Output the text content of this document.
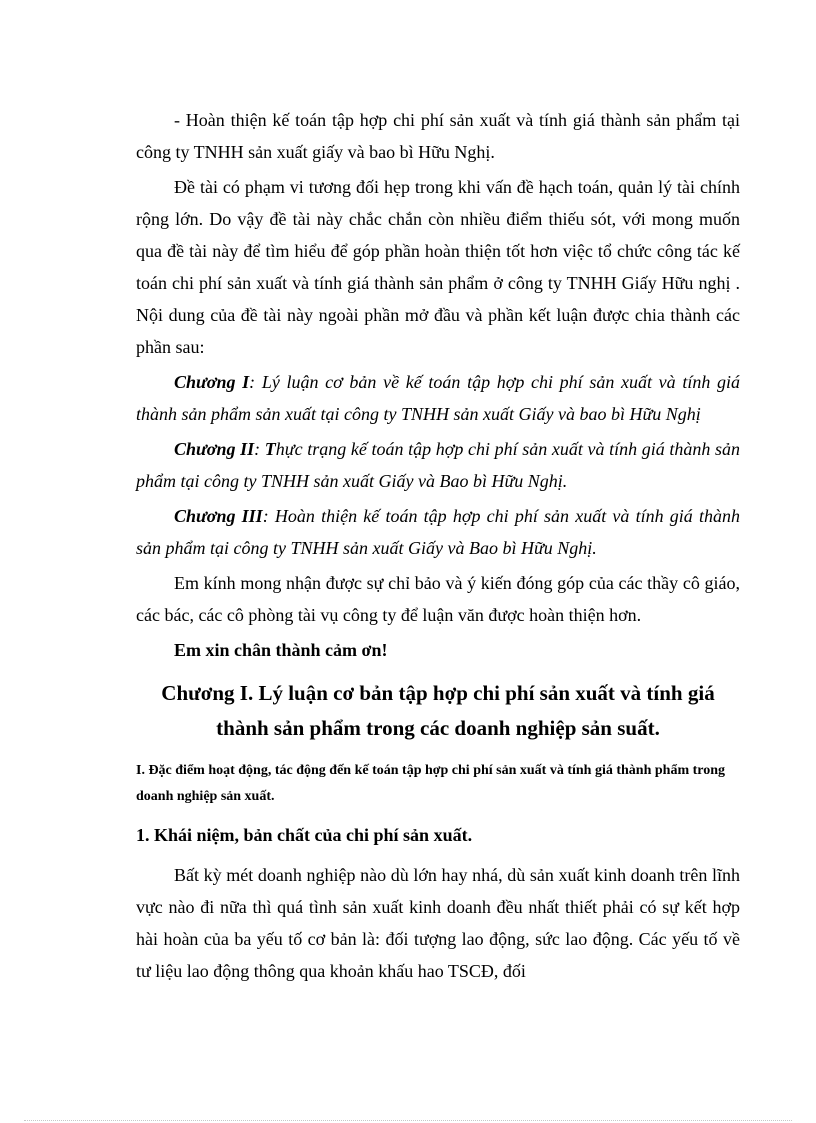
- Hoàn thiện kế toán tập hợp chi phí sản xuất và tính giá thành sản phẩm tại công ty TNHH sản xuất giấy và bao bì Hữu Nghị.

Đề tài có phạm vi tương đối hẹp trong khi vấn đề hạch toán, quản lý tài chính rộng lớn. Do vậy đề tài này chắc chắn còn nhiều điểm thiếu sót, với mong muốn qua đề tài này để tìm hiểu để góp phần hoàn thiện tốt hơn việc tổ chức công tác kế toán chi phí sản xuất và tính giá thành sản phẩm ở công ty TNHH Giấy Hữu nghị . Nội dung của đề tài này ngoài phần mở đầu và phần kết luận được chia thành các phần sau:

Chương I: Lý luận cơ bản về kế toán tập hợp chi phí sản xuất và tính giá thành sản phẩm sản xuất tại công ty TNHH sản xuất Giấy và bao bì Hữu Nghị

Chương II: Thực trạng kế toán tập hợp chi phí sản xuất và tính giá thành sản phẩm tại công ty TNHH sản xuất Giấy và Bao bì Hữu Nghị.

Chương III: Hoàn thiện kế toán tập hợp chi phí sản xuất và tính giá thành sản phẩm tại công ty TNHH sản xuất Giấy và Bao bì Hữu Nghị.

Em kính mong nhận được sự chỉ bảo và ý kiến đóng góp của các thầy cô giáo, các bác, các cô phòng tài vụ công ty để luận văn được hoàn thiện hơn.

Em xin chân thành cảm ơn!

Chương I. Lý luận cơ bản tập hợp chi phí sản xuất và tính giá thành sản phẩm trong các doanh nghiệp sản suất.

I. Đặc điểm hoạt động, tác động đến kế toán tập hợp chi phí sản xuất và tính giá thành phẩm trong doanh nghiệp sản xuất.

1. Khái niệm, bản chất của chi phí sản xuất.

Bất kỳ mét doanh nghiệp nào dù lớn hay nhá, dù sản xuất kinh doanh trên lĩnh vực nào đi nữa thì quá tình sản xuất kinh doanh đều nhất thiết phải có sự kết hợp hài hoàn của ba yếu tố cơ bản là: đối tượng lao động, sức lao động. Các yếu tố về tư liệu lao động thông qua khoản khấu hao TSCĐ, đối
